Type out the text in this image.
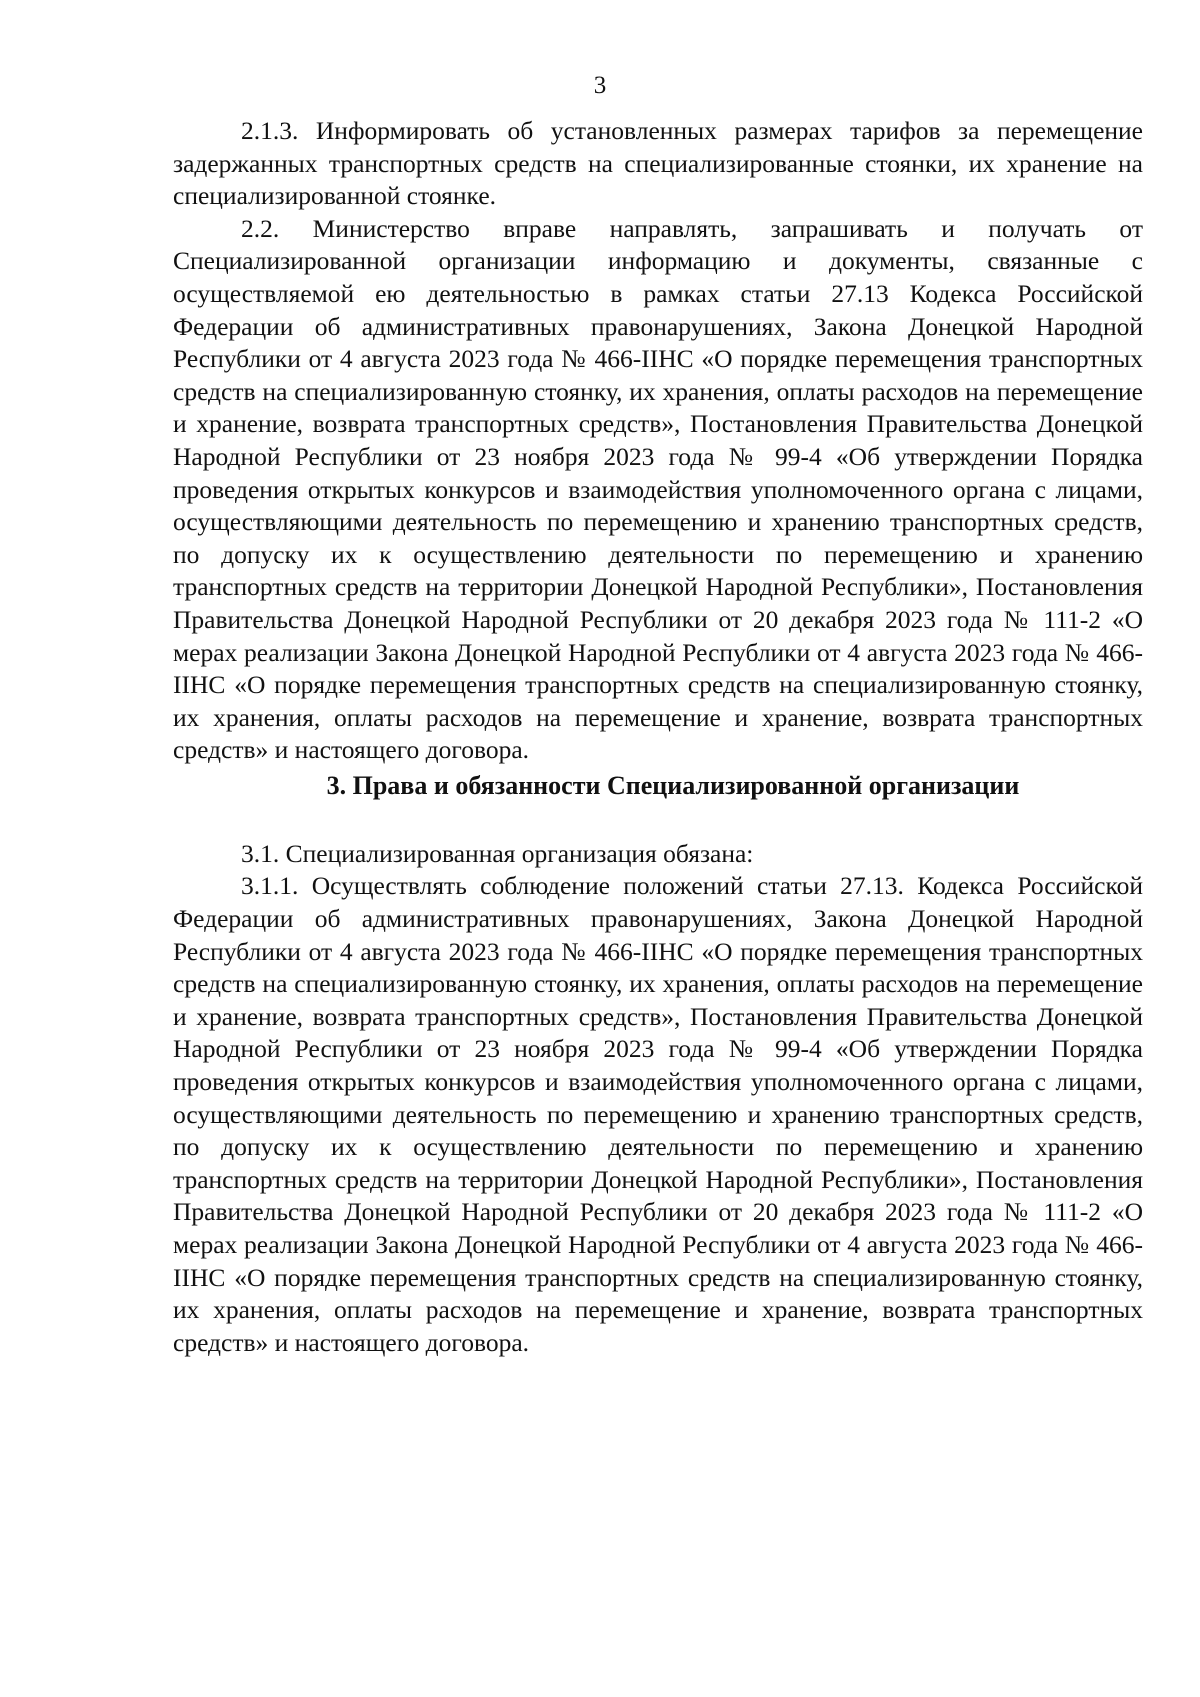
3

2.1.3. Информировать об установленных размерах тарифов за перемещение задержанных транспортных средств на специализированные стоянки, их хранение на специализированной стоянке.

2.2. Министерство вправе направлять, запрашивать и получать от Специализированной организации информацию и документы, связанные с осуществляемой ею деятельностью в рамках статьи 27.13 Кодекса Российской Федерации об административных правонарушениях, Закона Донецкой Народной Республики от 4 августа 2023 года № 466-IIНС «О порядке перемещения транспортных средств на специализированную стоянку, их хранения, оплаты расходов на перемещение и хранение, возврата транспортных средств», Постановления Правительства Донецкой Народной Республики от 23 ноября 2023 года № 99-4 «Об утверждении Порядка проведения открытых конкурсов и взаимодействия уполномоченного органа с лицами, осуществляющими деятельность по перемещению и хранению транспортных средств, по допуску их к осуществлению деятельности по перемещению и хранению транспортных средств на территории Донецкой Народной Республики», Постановления Правительства Донецкой Народной Республики от 20 декабря 2023 года № 111-2 «О мерах реализации Закона Донецкой Народной Республики от 4 августа 2023 года № 466-IIНС «О порядке перемещения транспортных средств на специализированную стоянку, их хранения, оплаты расходов на перемещение и хранение, возврата транспортных средств» и настоящего договора.

3. Права и обязанности Специализированной организации

3.1. Специализированная организация обязана:

3.1.1. Осуществлять соблюдение положений статьи 27.13. Кодекса Российской Федерации об административных правонарушениях, Закона Донецкой Народной Республики от 4 августа 2023 года № 466-IIНС «О порядке перемещения транспортных средств на специализированную стоянку, их хранения, оплаты расходов на перемещение и хранение, возврата транспортных средств», Постановления Правительства Донецкой Народной Республики от 23 ноября 2023 года № 99-4 «Об утверждении Порядка проведения открытых конкурсов и взаимодействия уполномоченного органа с лицами, осуществляющими деятельность по перемещению и хранению транспортных средств, по допуску их к осуществлению деятельности по перемещению и хранению транспортных средств на территории Донецкой Народной Республики», Постановления Правительства Донецкой Народной Республики от 20 декабря 2023 года № 111-2 «О мерах реализации Закона Донецкой Народной Республики от 4 августа 2023 года № 466-IIНС «О порядке перемещения транспортных средств на специализированную стоянку, их хранения, оплаты расходов на перемещение и хранение, возврата транспортных средств» и настоящего договора.
